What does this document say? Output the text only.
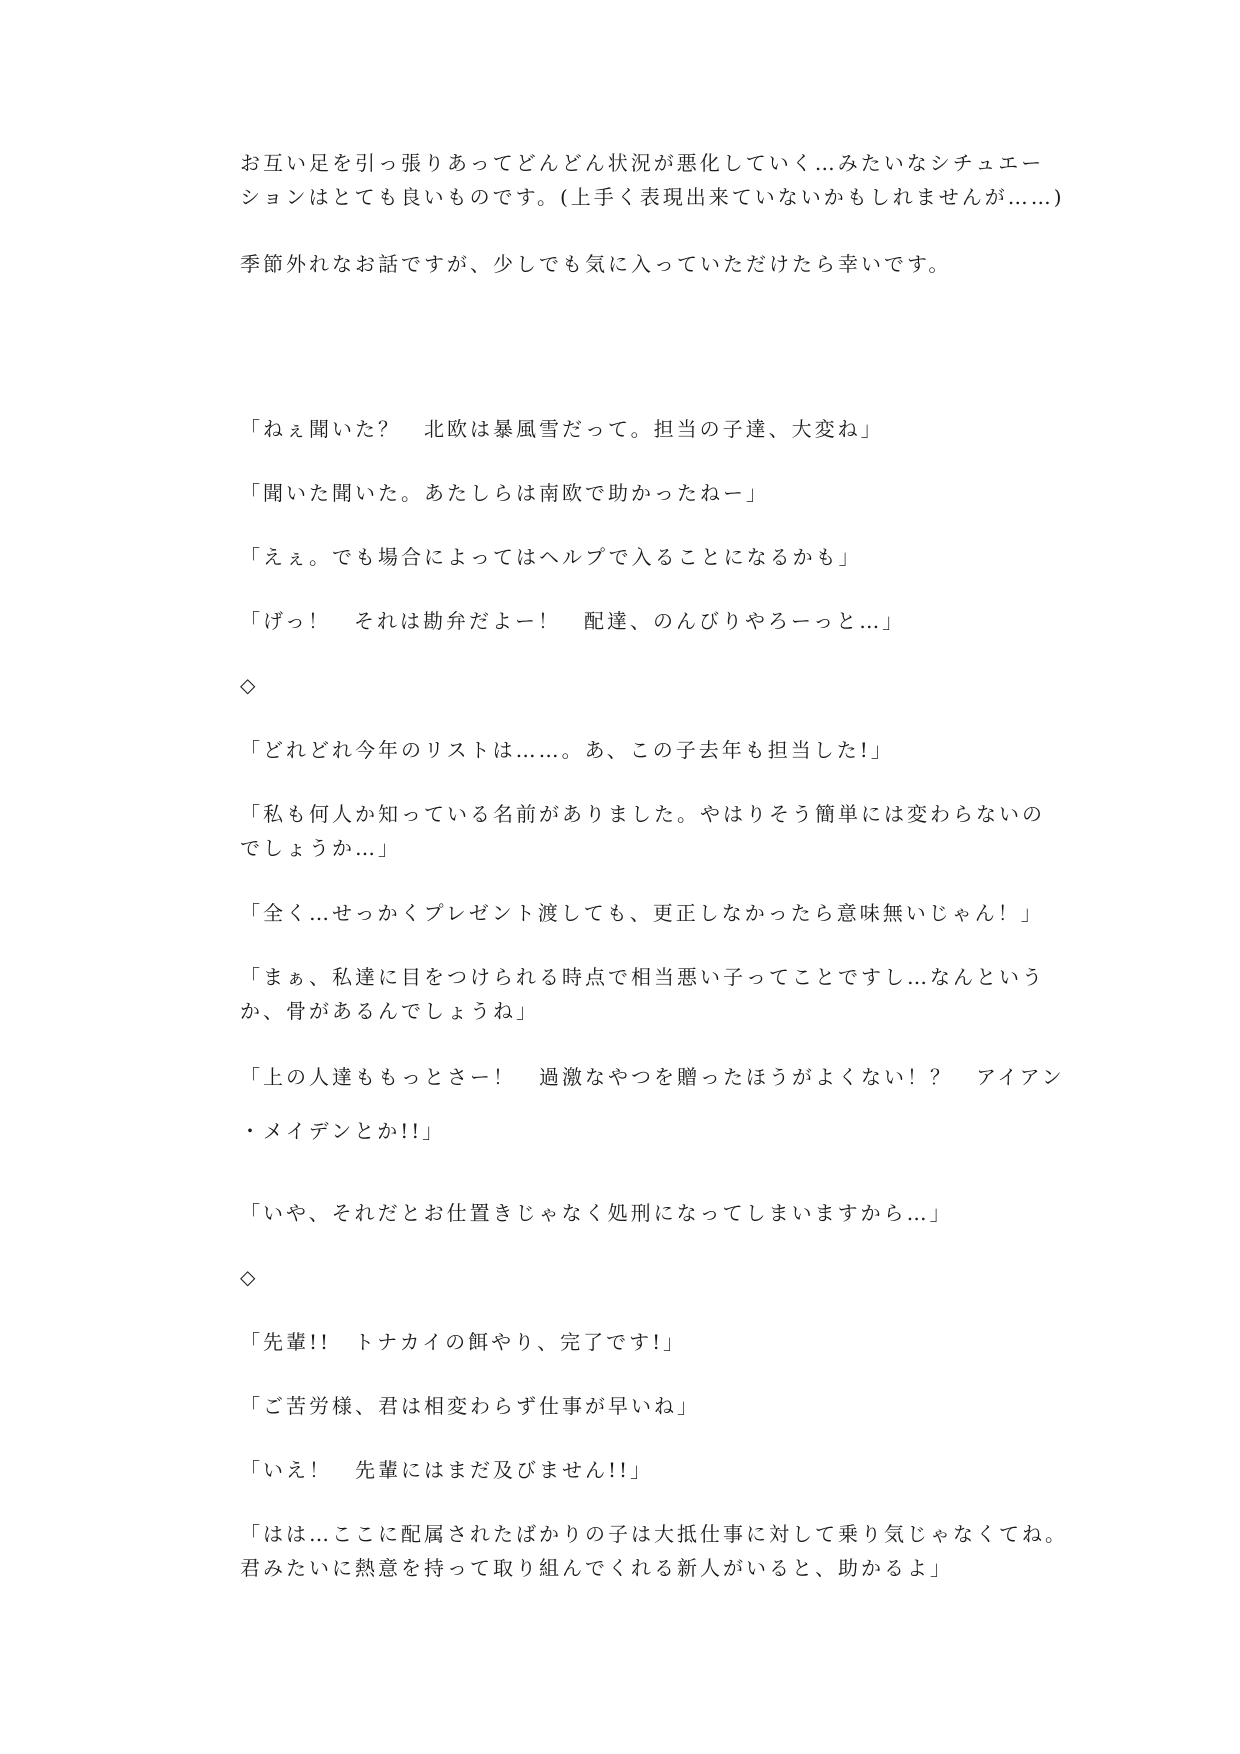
お互い足を引っ張りあってどんどん状況が悪化していく…みたいなシチュエー
ションはとても良いものです。(上手く表現出来ていないかもしれませんが……)
季節外れなお話ですが、少しでも気に入っていただけたら幸いです。
「ねぇ聞いた？　北欧は暴風雪だって。担当の子達、大変ね」
「聞いた聞いた。あたしらは南欧で助かったねー」
「えぇ。でも場合によってはヘルプで入ることになるかも」
「げっ！　それは勘弁だよー！　配達、のんびりやろーっと…」
◇
「どれどれ今年のリストは……。あ、この子去年も担当した!」
「私も何人か知っている名前がありました。やはりそう簡単には変わらないの
でしょうか…」
「全く…せっかくプレゼント渡しても、更正しなかったら意味無いじゃん！」
「まぁ、私達に目をつけられる時点で相当悪い子ってことですし…なんという
か、骨があるんでしょうね」
「上の人達ももっとさー！　過激なやつを贈ったほうがよくない！？　アイアン
・メイデンとか!!」
「いや、それだとお仕置きじゃなく処刑になってしまいますから…」
◇
「先輩!!　トナカイの餌やり、完了です!」
「ご苦労様、君は相変わらず仕事が早いね」
「いえ！　先輩にはまだ及びません!!」
「はは…ここに配属されたばかりの子は大抵仕事に対して乗り気じゃなくてね。
君みたいに熱意を持って取り組んでくれる新人がいると、助かるよ」
